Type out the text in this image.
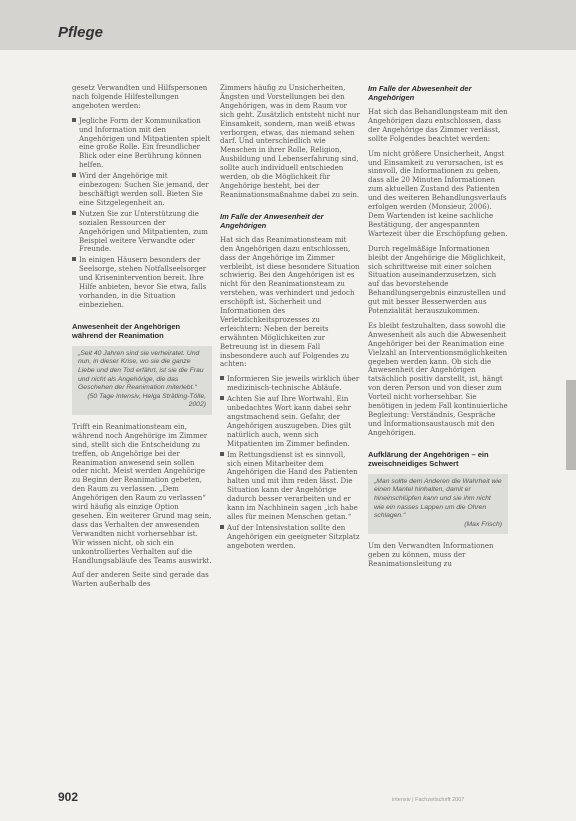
Pflege

gesetz Verwandten und Hilfspersonen nach folgende Hilfestellungen angeboten werden:

Jegliche Form der Kommunikation und Information mit den Angehörigen und Mitpatienten spielt eine große Rolle. Ein freundlicher Blick oder eine Berührung können helfen.

Wird der Angehörige mit einbezogen: Suchen Sie jemand, der beschäftigt werden soll. Bieten Sie eine Sitzgelegenheit an.

Nutzen Sie zur Unterstützung die sozialen Ressourcen der Angehörigen und Mitpatienten, zum Beispiel weitere Verwandte oder Freunde.

In einigen Häusern besonders der Seelsorge, stehen Notfallseelsorger und Krisenintervention bereit. Ihre Hilfe anbieten, bevor Sie etwa, falls vorhanden, in die Situation einbeziehen.

Anwesenheit der Angehörigen während der Reanimation
„Seit 40 Jahren sind sie verheiratet. Und nun, in dieser Krise, wo sie die ganze Liebe und den Tod erfährt, ist sie die Frau und nicht als Angehörige, die das Geschehen der Reanimation miterlebt.“
(50 Tage Intensiv, Helga Strätling-Tölle, 2002)

Trifft ein Reanimationsteam ein, während noch Angehörige im Zimmer sind, stellt sich die Entscheidung zu treffen, ob Angehörige bei der Reanimation anwesend sein sollen oder nicht. Meist werden Angehörige zu Beginn der Reanimation gebeten, den Raum zu verlassen. „Dem Angehörigen den Raum zu verlassen“ wird häufig als einzige Option gesehen. Ein weiterer Grund mag sein, dass das Verhalten der anwesenden Verwandten nicht vorhersehbar ist. Wir wissen nicht, ob sich ein unkontrolliertes Verhalten auf die Handlungsabläufe des Teams auswirkt.

Auf der anderen Seite sind gerade das Warten außerhalb des

Zimmers häufig zu Unsicherheiten, Ängsten und Vorstellungen bei den Angehörigen, was in dem Raum vor sich geht. Zusätzlich entsteht nicht nur Einsamkeit, sondern, man weiß etwas verborgen, etwas, das niemand sehen darf. Und unterschiedlich wie Menschen in ihrer Rolle, Religion, Ausbildung und Lebenserfahrung sind, sollte auch individuell entschieden werden, ob die Möglichkeit für Angehörige besteht, bei der Reanimationsmaßnahme dabei zu sein.

Im Falle der Anwesenheit der Angehörigen

Hat sich das Reanimationsteam mit den Angehörigen dazu entschlossen, dass der Angehörige im Zimmer verbleibt, ist diese besondere Situation schwierig. Bei den Angehörigen ist es nicht für den Reanimationsteam zu verstehen, was verhindert und jedoch erschöpft ist. Sicherheit und Informationen des Verletzlichkeitsprozesses zu erleichtern: Neben der bereits erwähnten Möglichkeiten zur Betreuung ist in diesem Fall insbesondere auch auf Folgendes zu achten:

Informieren Sie jeweils wirklich über medizinisch-technische Abläufe.

Achten Sie auf Ihre Wortwahl. Ein unbedachtes Wort kann dabei sehr angstmachend sein. Gefahr, der Angehörigen auszugeben. Dies gilt natürlich auch, wenn sich Mitpatienten im Zimmer befinden.

Im Rettungsdienst ist es sinnvoll, sich einen Mitarbeiter dem Angehörigen die Hand des Patienten halten und mit ihm reden lässt. Die Situation kann der Angehörige dadurch besser verarbeiten und er kann im Nachhinein sagen „ich habe alles für meinen Menschen getan.“

Auf der Intensivstation sollte den Angehörigen ein geeigneter Sitzplatz angeboten werden.

Im Falle der Abwesenheit der Angehörigen

Hat sich das Behandlungsteam mit den Angehörigen dazu entschlossen, dass der Angehörige das Zimmer verlässt, sollte Folgendes beachtet werden:

Um nicht größere Unsicherheit, Angst und Einsamkeit zu verursachen, ist es sinnvoll, die Informationen zu geben, dass alle 20 Minuten Informationen zum aktuellen Zustand des Patienten und des weiteren Behandlungsverlaufs erfolgen werden (Monsieur, 2006). Dem Wartenden ist keine sachliche Bestätigung, der angespannten Wartezeit über die Erschöpfung geben.

Durch regelmäßige Informationen bleibt der Angehörige die Möglichkeit, sich schrittweise mit einer solchen Situation auseinanderzusetzen, sich auf das bevorstehende Behandlungsergebnis einzustellen und gut mit besser Besserwerden aus Potenzialität herauszukommen.

Es bleibt festzuhalten, dass sowohl die Anwesenheit als auch die Abwesenheit Angehöriger bei der Reanimation eine Vielzahl an Interventionsmöglichkeiten gegeben werden kann. Ob sich die Anwesenheit der Angehörigen tatsächlich positiv darstellt, ist, hängt von deren Person und von dieser zum Vorteil nicht vorhersehbar. Sie benötigen in jedem Fall kontinuierliche Begleitung: Verständnis, Gespräche und Informationsaustausch mit den Angehörigen.

Aufklärung der Angehörigen – ein zweischneidiges Schwert
„Man sollte dem Anderen die Wahrheit wie einen Mantel hinhalten, damit er hineinschlüpfen kann und sie ihm nicht wie ein nasses Lappen um die Ohren schlagen.“
(Max Frisch)

Um den Verwandten Informationen geben zu können, muss der Reanimationsleitung zu

902	intensiv | Fachzeitschrift 2007
